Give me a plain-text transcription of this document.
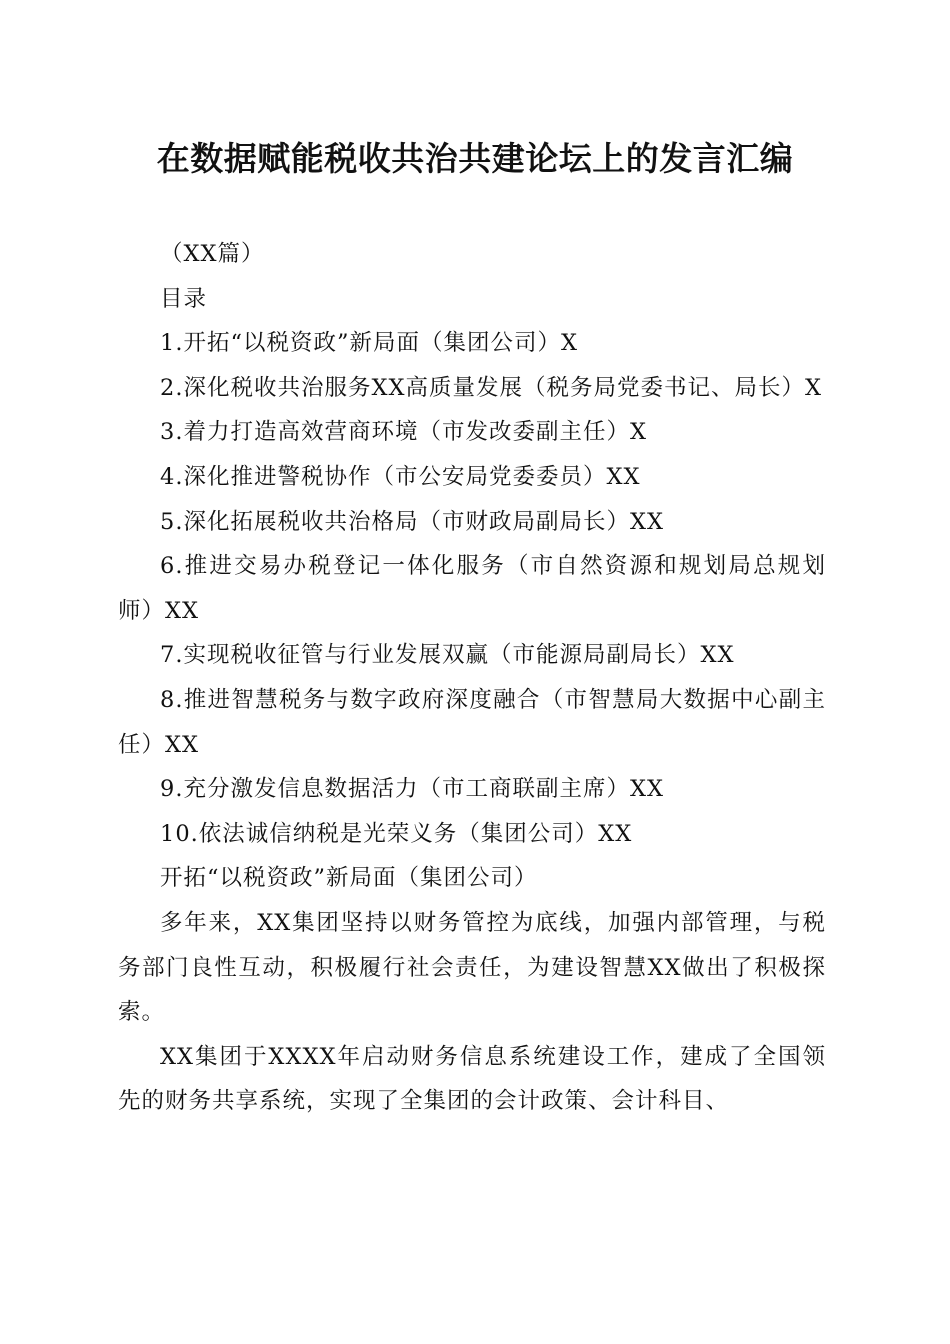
在数据赋能税收共治共建论坛上的发言汇编

（XX篇）

目录

1.开拓“以税资政”新局面（集团公司）X

2.深化税收共治服务XX高质量发展（税务局党委书记、局长）X

3.着力打造高效营商环境（市发改委副主任）X

4.深化推进警税协作（市公安局党委委员）XX

5.深化拓展税收共治格局（市财政局副局长）XX

6.推进交易办税登记一体化服务（市自然资源和规划局总规划师）XX

7.实现税收征管与行业发展双赢（市能源局副局长）XX

8.推进智慧税务与数字政府深度融合（市智慧局大数据中心副主任）XX

9.充分激发信息数据活力（市工商联副主席）XX

10.依法诚信纳税是光荣义务（集团公司）XX

开拓“以税资政”新局面（集团公司）

多年来，XX集团坚持以财务管控为底线，加强内部管理，与税务部门良性互动，积极履行社会责任，为建设智慧XX做出了积极探索。

XX集团于XXXX年启动财务信息系统建设工作，建成了全国领先的财务共享系统，实现了全集团的会计政策、会计科目、
